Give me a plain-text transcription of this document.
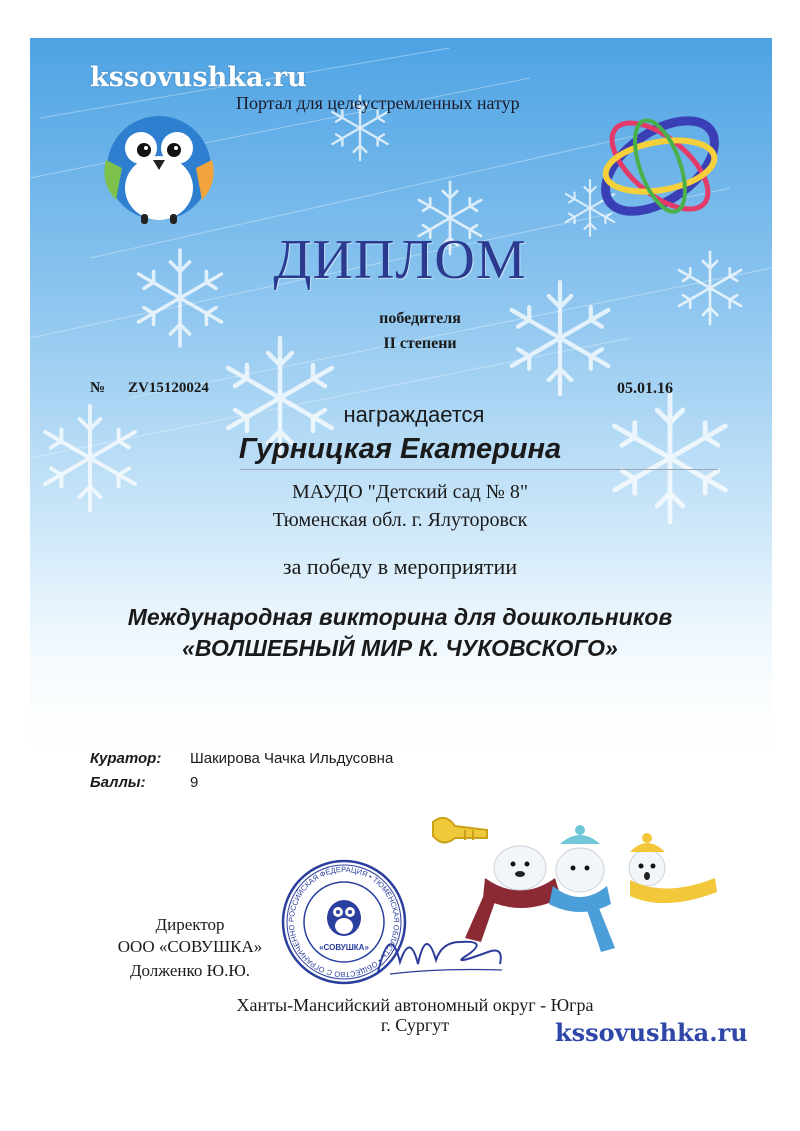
kssovushka.ru
Портал для целеустремленных натур
ДИПЛОМ
победителя
II степени
№ ZV15120024	05.01.16
награждается
Гурницкая Екатерина
МАУДО "Детский сад № 8"
Тюменская обл. г. Ялуторовск
за победу в мероприятии
Международная викторина для дошкольников
«ВОЛШЕБНЫЙ МИР К. ЧУКОВСКОГО»
Куратор: Шакирова Чачка Ильдусовна
Баллы:	9
РОССИЙСКАЯ ФЕДЕРАЦИЯ • ТЮМЕНСКАЯ ОБЛАСТЬ • ОБЩЕСТВО С ОГРАНИЧЕННО
«СОВУШКА»
Директор
ООО «СОВУШКА»
Долженко Ю.Ю.
Ханты-Мансийский автономный округ - Югра
г. Сургут	kssovushka.ru
